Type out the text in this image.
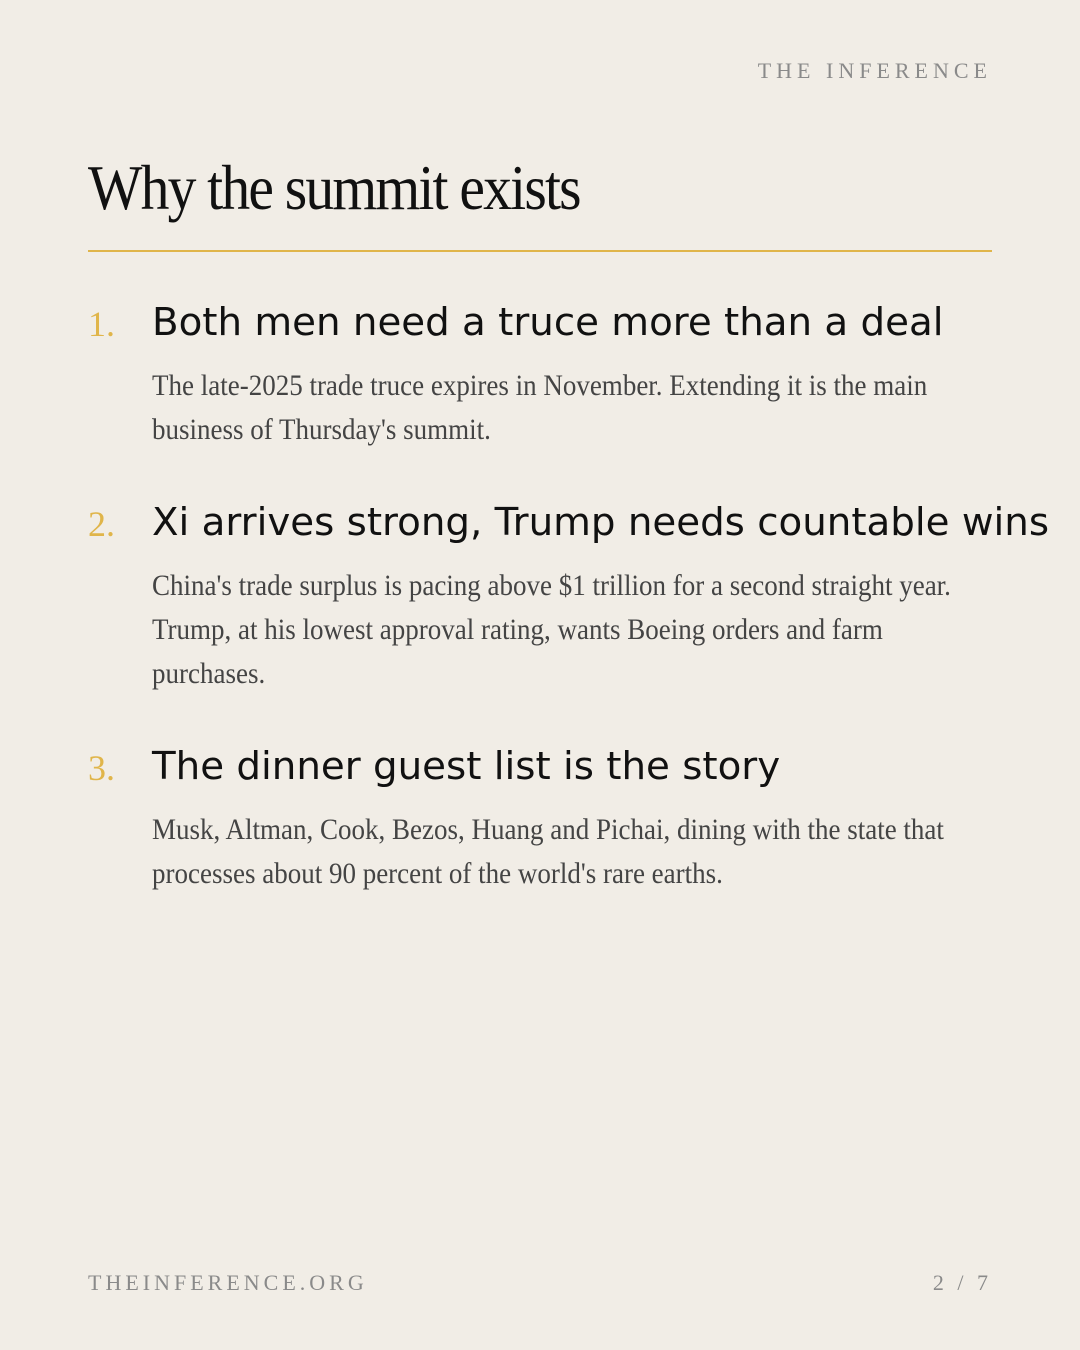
THE INFERENCE

Why the summit exists
1. Both men need a truce more than a deal

The late-2025 trade truce expires in November. Extending it is the main business of Thursday's summit.

2. Xi arrives strong, Trump needs countable wins

China's trade surplus is pacing above $1 trillion for a second straight year. Trump, at his lowest approval rating, wants Boeing orders and farm purchases.

3. The dinner guest list is the story

Musk, Altman, Cook, Bezos, Huang and Pichai, dining with the state that processes about 90 percent of the world's rare earths.

THEINFERENCE.ORG	2 / 7
